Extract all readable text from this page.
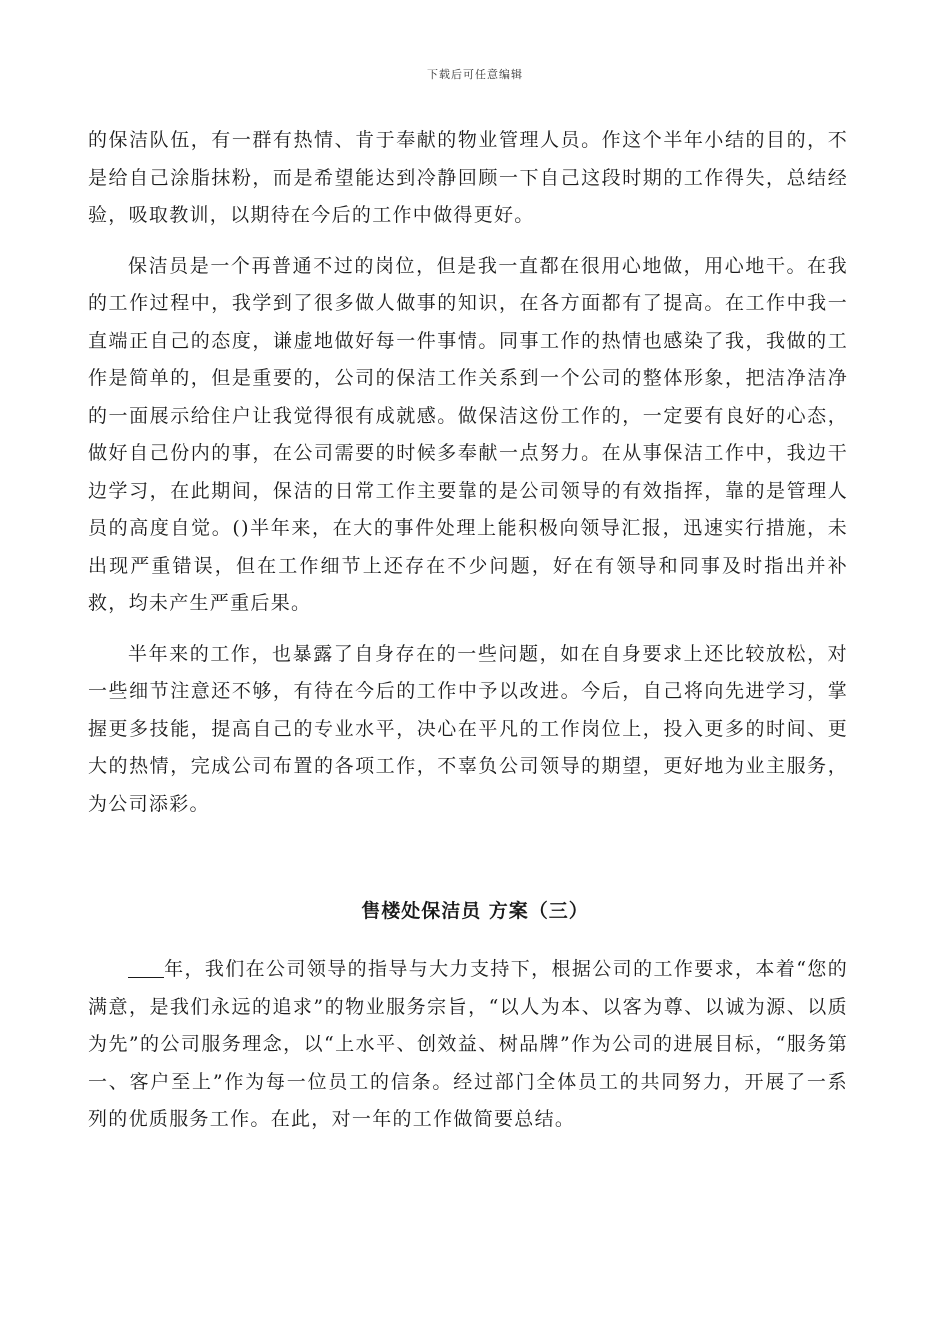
下载后可任意编辑

的保洁队伍，有一群有热情、肯于奉献的物业管理人员。作这个半年小结的目的，不是给自己涂脂抹粉，而是希望能达到冷静回顾一下自己这段时期的工作得失，总结经验，吸取教训，以期待在今后的工作中做得更好。

保洁员是一个再普通不过的岗位，但是我一直都在很用心地做，用心地干。在我的工作过程中，我学到了很多做人做事的知识，在各方面都有了提高。在工作中我一直端正自己的态度，谦虚地做好每一件事情。同事工作的热情也感染了我，我做的工作是简单的，但是重要的，公司的保洁工作关系到一个公司的整体形象，把洁净洁净的一面展示给住户让我觉得很有成就感。做保洁这份工作的，一定要有良好的心态，做好自己份内的事，在公司需要的时候多奉献一点努力。在从事保洁工作中，我边干边学习，在此期间，保洁的日常工作主要靠的是公司领导的有效指挥，靠的是管理人员的高度自觉。()半年来，在大的事件处理上能积极向领导汇报，迅速实行措施，未出现严重错误，但在工作细节上还存在不少问题，好在有领导和同事及时指出并补救，均未产生严重后果。

半年来的工作，也暴露了自身存在的一些问题，如在自身要求上还比较放松，对一些细节注意还不够，有待在今后的工作中予以改进。今后，自己将向先进学习，掌握更多技能，提高自己的专业水平，决心在平凡的工作岗位上，投入更多的时间、更大的热情，完成公司布置的各项工作，不辜负公司领导的期望，更好地为业主服务，为公司添彩。

售楼处保洁员 方案（三）

年，我们在公司领导的指导与大力支持下，根据公司的工作要求，本着“您的满意，是我们永远的追求”的物业服务宗旨，“以人为本、以客为尊、以诚为源、以质为先”的公司服务理念，以“上水平、创效益、树品牌”作为公司的进展目标，“服务第一、客户至上”作为每一位员工的信条。经过部门全体员工的共同努力，开展了一系列的优质服务工作。在此，对一年的工作做简要总结。
